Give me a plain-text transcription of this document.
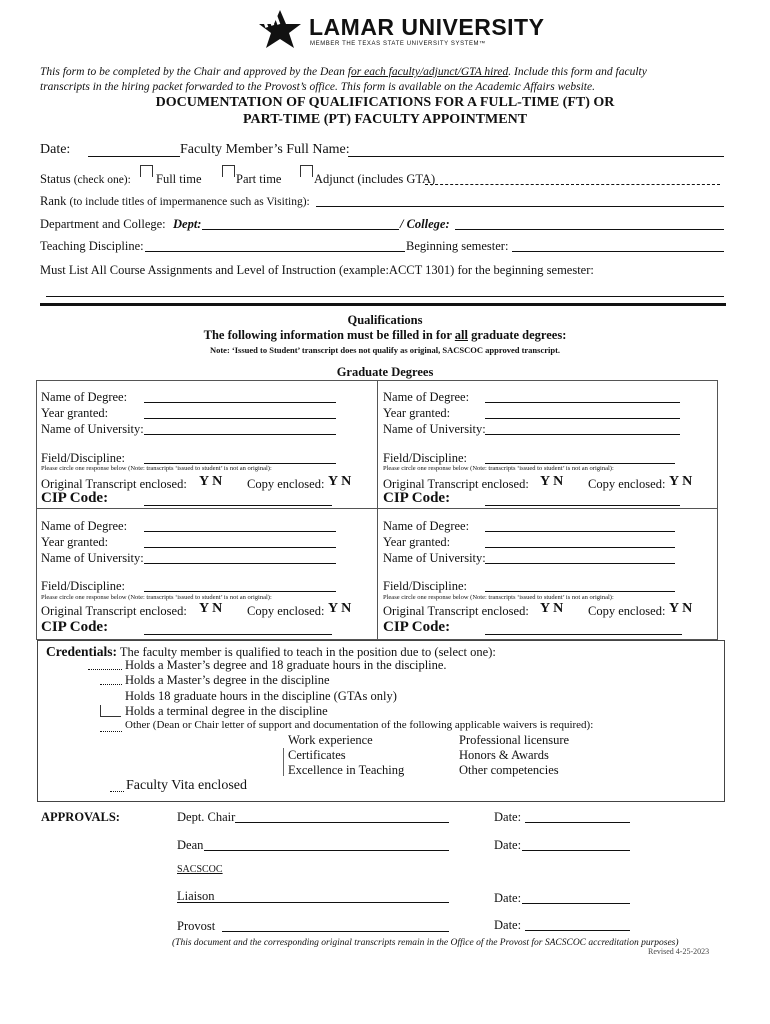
LAMAR UNIVERSITY
MEMBER THE TEXAS STATE UNIVERSITY SYSTEM™
This form to be completed by the Chair and approved by the Dean for each faculty/adjunct/GTA hired. Include this form and faculty
transcripts in the hiring packet forwarded to the Provost’s office. This form is available on the Academic Affairs website.
DOCUMENTATION OF QUALIFICATIONS FOR A FULL-TIME (FT) OR
PART-TIME (PT) FACULTY APPOINTMENT
Date:	Faculty Member’s Full Name:
Status (check one): Full time	Part time	Adjunct (includes GTA)
Rank (to include titles of impermanence such as Visiting):
Department and College: Dept:	/ College:
Teaching Discipline:	Beginning semester:
Must List All Course Assignments and Level of Instruction (example:ACCT 1301) for the beginning semester:
Qualifications
The following information must be filled in for all graduate degrees:
Note: ‘Issued to Student’ transcript does not qualify as original, SACSCOC approved transcript.
Graduate Degrees
Name of Degree:
Year granted:
Name of University:
Field/Discipline:
Please circle one response below (Note: transcripts ‘issued to student’ is not an original):
Original Transcript enclosed: Y N Copy enclosed: Y N
CIP Code:
Name of Degree:
Year granted:
Name of University:
Field/Discipline:
Please circle one response below (Note: transcripts ‘issued to student’ is not an original):
Original Transcript enclosed: Y N Copy enclosed: Y N
CIP Code:
Name of Degree:
Year granted:
Name of University:
Field/Discipline:
Please circle one response below (Note: transcripts ‘issued to student’ is not an original):
Original Transcript enclosed: Y N Copy enclosed: Y N
CIP Code:
Name of Degree:
Year granted:
Name of University:
Field/Discipline:
Please circle one response below (Note: transcripts ‘issued to student’ is not an original):
Original Transcript enclosed: Y N Copy enclosed: Y N
CIP Code:
Credentials: The faculty member is qualified to teach in the position due to (select one):
Holds a Master’s degree and 18 graduate hours in the discipline.
Holds a Master’s degree in the discipline
Holds 18 graduate hours in the discipline (GTAs only)
Holds a terminal degree in the discipline
Other (Dean or Chair letter of support and documentation of the following applicable waivers is required):
Work experience
Certificates
Excellence in Teaching
Professional licensure
Honors & Awards
Other competencies
Faculty Vita enclosed
APPROVALS:	Dept. Chair	Date:
Dean	Date:
SACSCOC
Liaison	Date:
Provost	Date:
(This document and the corresponding original transcripts remain in the Office of the Provost for SACSCOC accreditation purposes)
Revised 4-25-2023
